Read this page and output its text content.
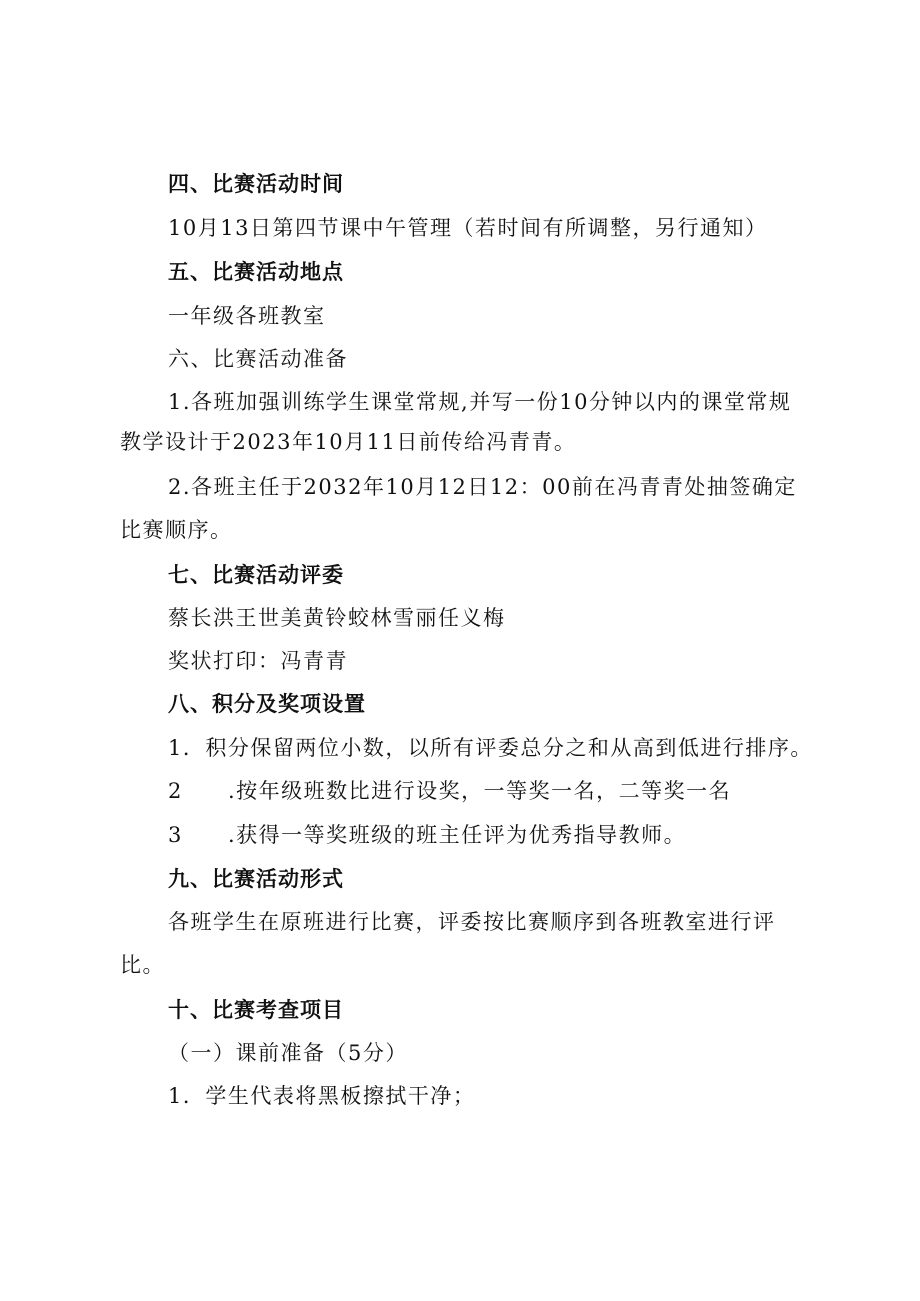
四、比赛活动时间
10月13日第四节课中午管理（若时间有所调整，另行通知）
五、比赛活动地点
一年级各班教室
六、比赛活动准备
1.各班加强训练学生课堂常规,并写一份10分钟以内的课堂常规
教学设计于2023年10月11日前传给冯青青。
2.各班主任于2032年10月12日12：00前在冯青青处抽签确定
比赛顺序。
七、比赛活动评委
蔡长洪王世美黄铃蛟林雪丽任义梅
奖状打印：冯青青
八、积分及奖项设置
1．积分保留两位小数，以所有评委总分之和从高到低进行排序。
2 .按年级班数比进行设奖，一等奖一名，二等奖一名
3 .获得一等奖班级的班主任评为优秀指导教师。
九、比赛活动形式
各班学生在原班进行比赛，评委按比赛顺序到各班教室进行评
比。
十、比赛考查项目
（一）课前准备（5分）
1．学生代表将黑板擦拭干净；
